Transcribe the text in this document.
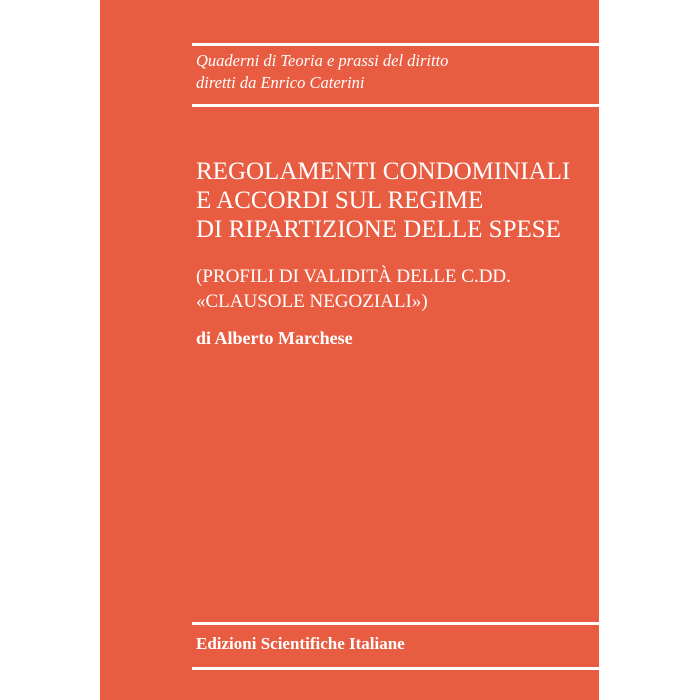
Quaderni di Teoria e prassi del diritto
diretti da Enrico Caterini
REGOLAMENTI CONDOMINIALI
E ACCORDI SUL REGIME
DI RIPARTIZIONE DELLE SPESE
(PROFILI DI VALIDITÀ DELLE C.DD.
«CLAUSOLE NEGOZIALI»)
di Alberto Marchese
Edizioni Scientifiche Italiane
